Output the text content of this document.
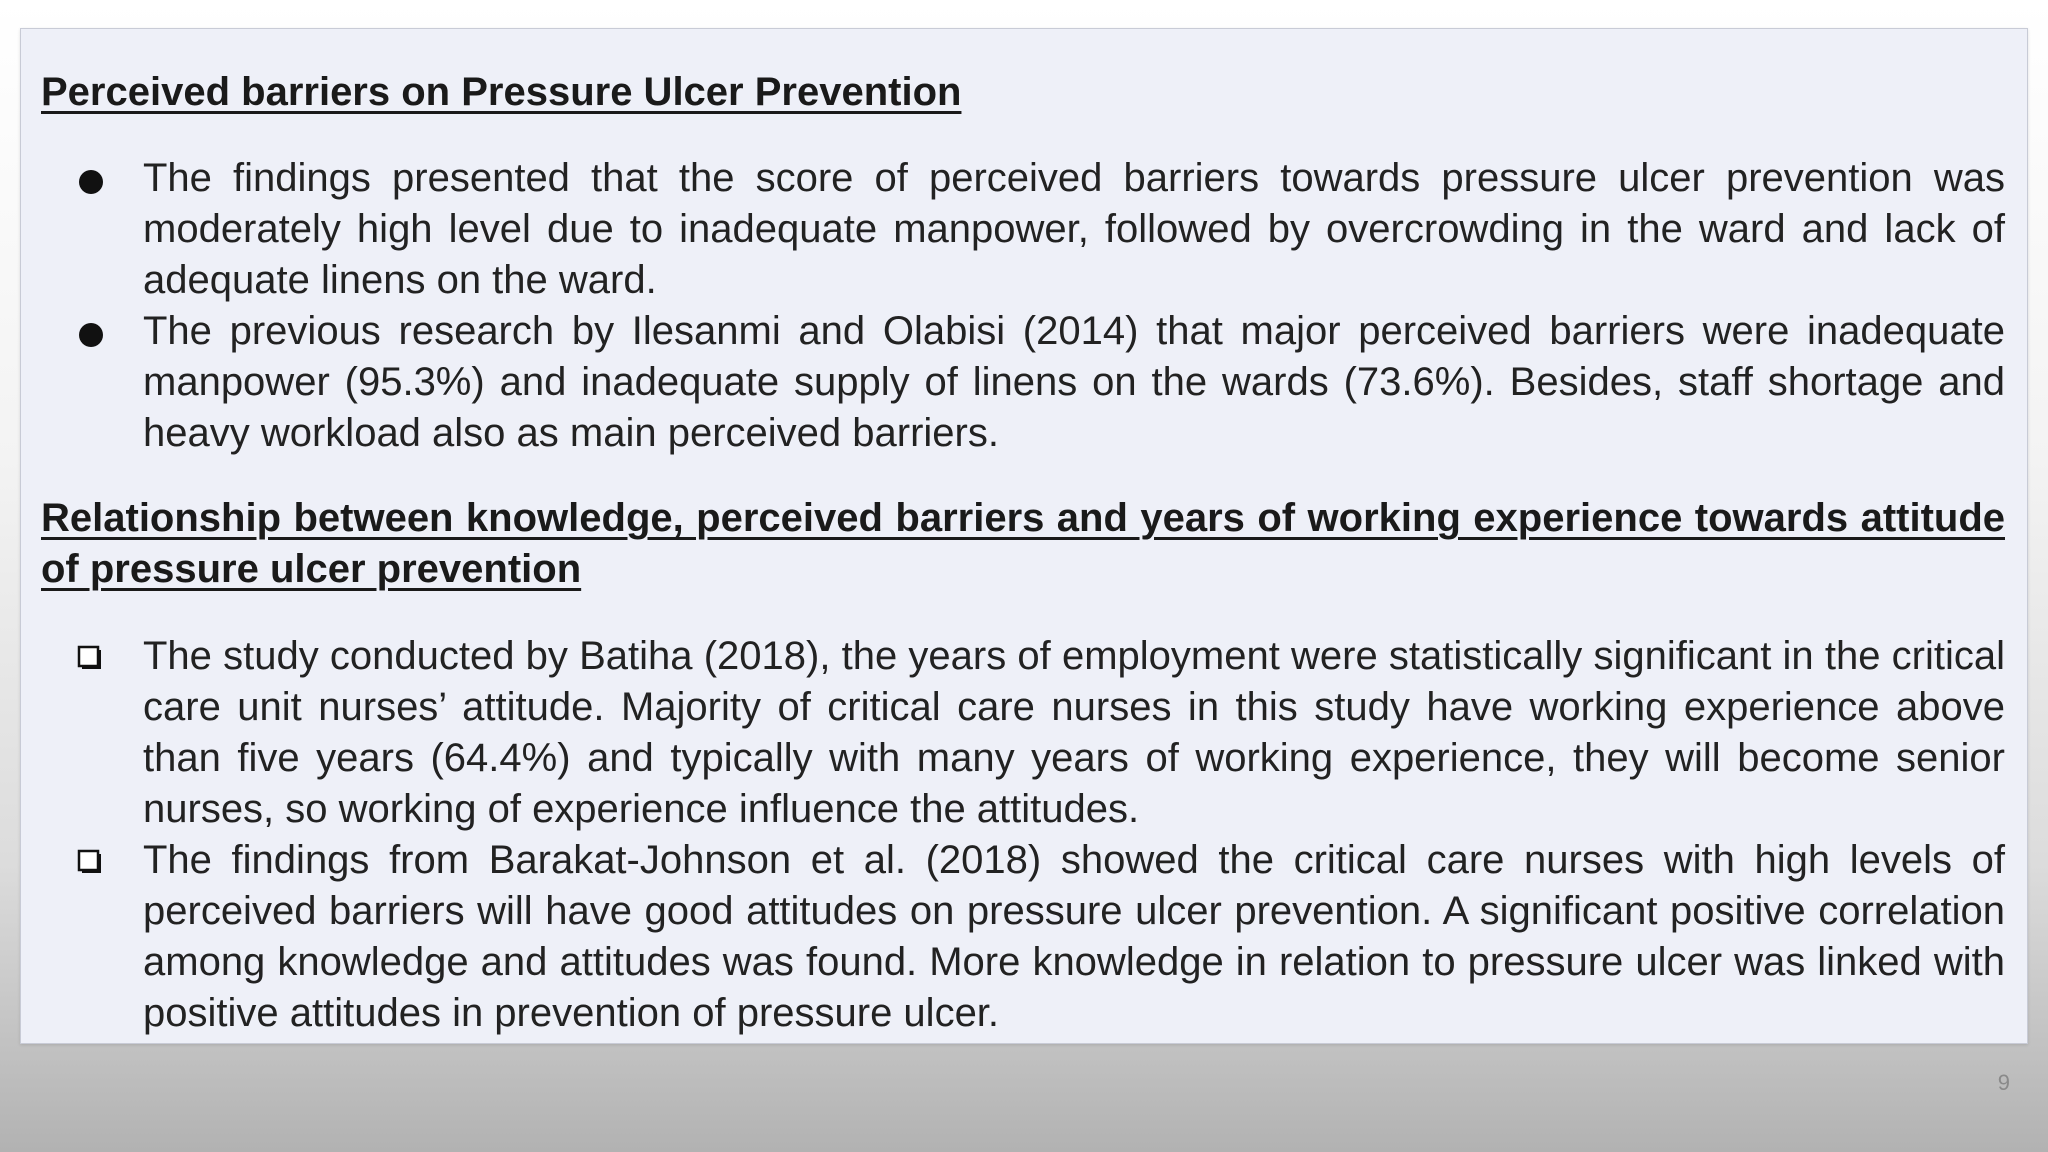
Perceived barriers on Pressure Ulcer Prevention
The findings presented that the score of perceived barriers towards pressure ulcer prevention was moderately high level due to inadequate manpower, followed by overcrowding in the ward and lack of adequate linens on the ward.
The previous research by Ilesanmi and Olabisi (2014) that major perceived barriers were inadequate manpower (95.3%) and inadequate supply of linens on the wards (73.6%). Besides, staff shortage and heavy workload also as main perceived barriers.
Relationship between knowledge, perceived barriers and years of working experience towards attitude of pressure ulcer prevention
The study conducted by Batiha (2018), the years of employment were statistically significant in the critical care unit nurses’ attitude. Majority of critical care nurses in this study have working experience above than five years (64.4%) and typically with many years of working experience, they will become senior nurses, so working of experience influence the attitudes.
The findings from Barakat-Johnson et al. (2018) showed the critical care nurses with high levels of perceived barriers will have good attitudes on pressure ulcer prevention. A significant positive correlation among knowledge and attitudes was found. More knowledge in relation to pressure ulcer was linked with positive attitudes in prevention of pressure ulcer.
9
